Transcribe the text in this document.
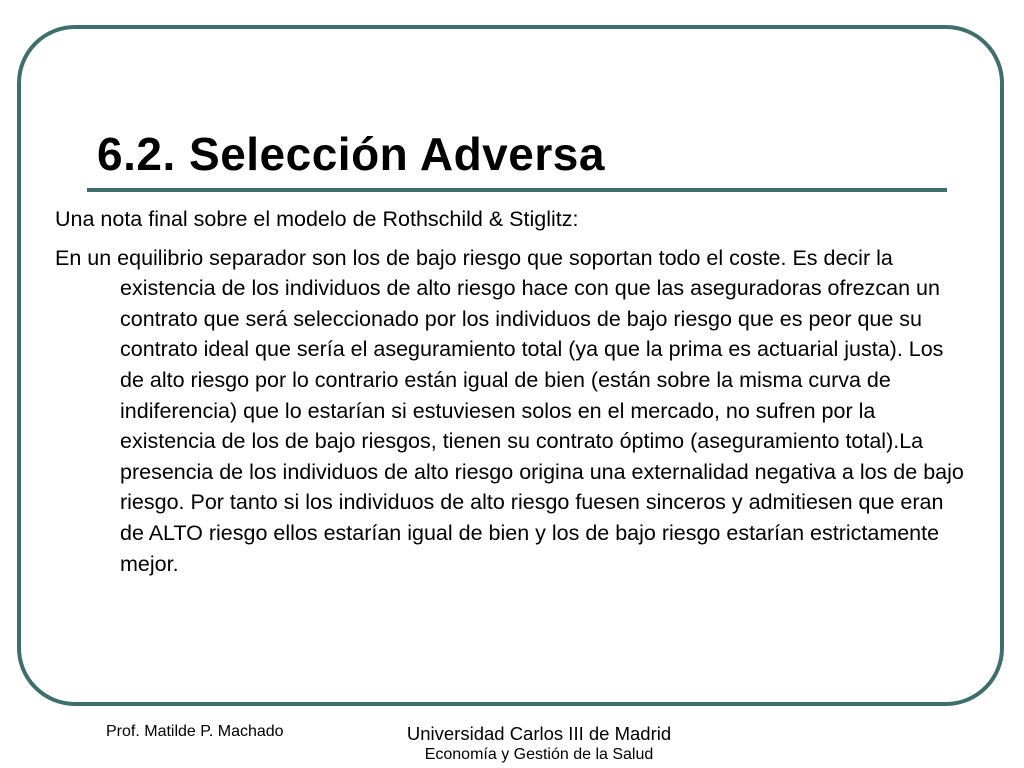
6.2. Selección Adversa

Una nota final sobre el modelo de Rothschild & Stiglitz:

En un equilibrio separador son los de bajo riesgo que soportan todo el coste. Es decir la existencia de los individuos de alto riesgo hace con que las aseguradoras ofrezcan un contrato que será seleccionado por los individuos de bajo riesgo que es peor que su contrato ideal que sería el aseguramiento total (ya que la prima es actuarial justa). Los de alto riesgo por lo contrario están igual de bien (están sobre la misma curva de indiferencia) que lo estarían si estuviesen solos en el mercado, no sufren por la existencia de los de bajo riesgos, tienen su contrato óptimo (aseguramiento total).La presencia de los individuos de alto riesgo origina una externalidad negativa a los de bajo riesgo. Por tanto si los individuos de alto riesgo fuesen sinceros y admitiesen que eran de ALTO riesgo ellos estarían igual de bien y los de bajo riesgo estarían estrictamente mejor.

Prof. Matilde P. Machado	Universidad Carlos III de Madrid
Economía y Gestión de la Salud
